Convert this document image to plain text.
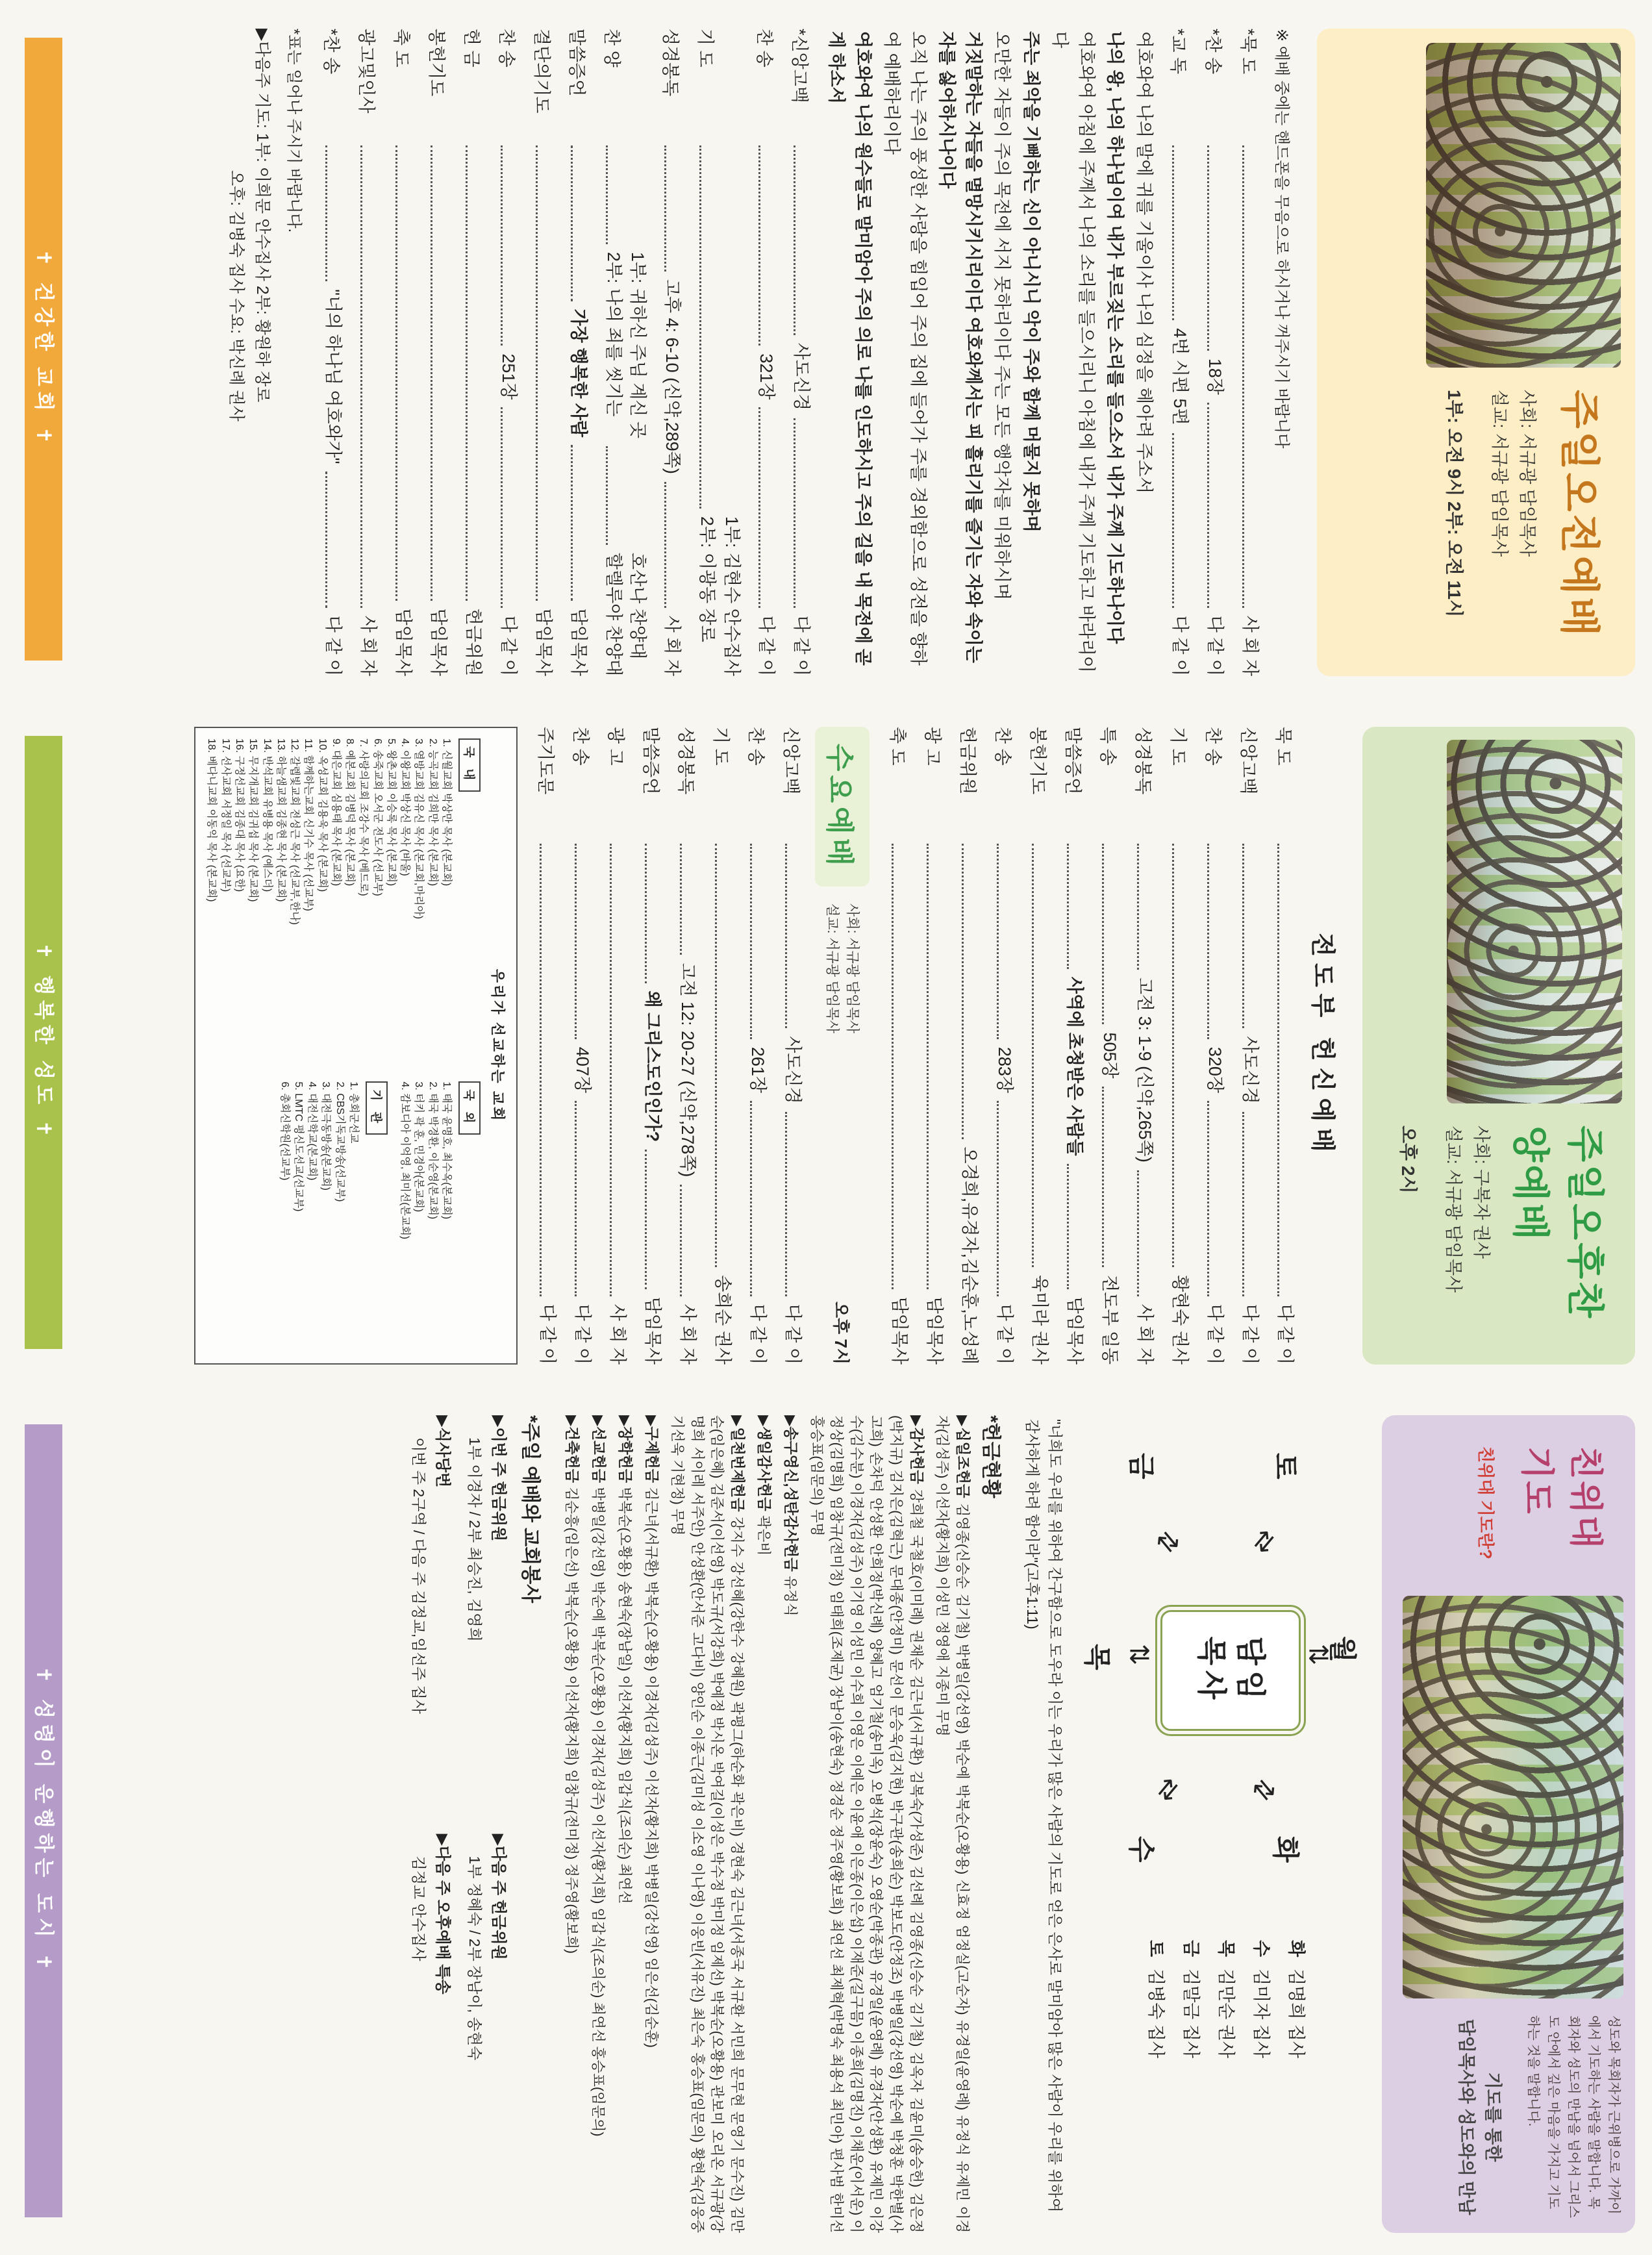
주일오전예배
사회: 서규광 담임목사
설교: 서규광 담임목사
1부: 오전 9시 2부: 오전 11시
※ 예배 중에는 핸드폰을 무음으로 하시거나 꺼주시기 바랍니다
*묵 도
사 회 자
*찬 송
18장
다 같 이
*교 독
4번 시편 5편
다 같 이
여호와여 나의 말에 귀를 기울이사 나의 심정을 헤아려 주소서
나의 왕, 나의 하나님이여 내가 부르짖는 소리를 들으소서 내가 주께 기도하나이다
여호와여 아침에 주께서 나의 소리를 들으시리니 아침에 내가 주께 기도하고 바라리이다
주는 죄악을 기뻐하는 신이 아니시니 악이 주와 함께 머물지 못하며
오만한 자들이 주의 목전에 서지 못하리이다 주는 모든 행악자를 미워하시며
거짓말하는 자들을 멸망시키시리이다 여호와께서는 피 흘리기를 즐기는 자와 속이는 자를 싫어하시나이다
오직 나는 주의 풍성한 사랑을 힘입어 주의 집에 들어가 주를 경외함으로 성전을 향하여 예배하리이다
여호와여 나의 원수들로 말미암아 주의 의로 나를 인도하시고 주의 길을 내 목전에 곧게 하소서
*신앙고백
사도신경
다 같 이
찬 송
321장
다 같 이
기 도
1부: 김현수 안수집사
2부: 이광동 장로
성경봉독
고후 4: 6-10 (신약,289쪽)
사 회 자
찬 양
1부: 귀하신 주님 계신 곳
2부: 나의 죄를 씻기는
호산나 찬양대
할렐루야 찬양대
말씀증언
가장 행복한 사람
담임목사
결단의기도
담임목사
찬 송
251장
다 같 이
헌 금
헌금위원
봉헌기도
담임목사
축 도
담임목사
광고및인사
사 회 자
*찬 송
"너의 하나님 여호와가"
다 같 이
*표는 일어나 주시기 바랍니다.
▶다음주 기도: 1부: 이희문 안수집사 2부: 황원하 장로
오후: 김병숙 집사 수요: 박신례 권사
✝ 건강한 교회 ✝
주일오후찬양예배
사회: 구복자 권사
설교: 서규광 담임목사
오후 2시
전도부 헌신예배
묵 도
다 같 이
신앙고백
사도신경
다 같 이
찬 송
320장
다 같 이
기 도
황현숙 권사
성경봉독
고전 3: 1-9 (신약,265쪽)
사 회 자
특 송
505장
전도부 일동
말씀증언
사역에 초청받은 사람들
담임목사
봉헌기도
육미라 권사
찬 송
283장
다 같 이
헌금위원
오경희,유경자,김순훈,노성례
광 고
담임목사
축 도
담임목사
수요예배
사회: 서규광 담임목사
설교: 서규광 담임목사
오후 7시
신앙고백
사도신경
다 같 이
찬 송
261장
다 같 이
기 도
송희순 권사
성경봉독
고전 12: 20-27 (신약,278쪽)
사 회 자
말씀증언
왜 그리스도인인가?
담임목사
광 고
사 회 자
찬 송
407장
다 같 이
주기도문
다 같 이
우리가 선교하는 교회
국 내
1. 신월교회 박상만 목사 (본교회)
2. 능곡교회 김희만 목사 (본교회)
3. 열방교회 김유신 목사 (본교회,마리아)
4. 이왕교회 박상신 목사 (바울)
5. 왕촌교회 이승록 목사 (본교회)
6. 송죽교회 오서군 전도사 (선교부)
7. 사랑의교회 조강수 목사 (베드로)
8. 예본교회 김병덕 목사 (본교회)
9. 대은교회 심용태 목사 (본교회)
10. 옥성교회 김용욱 목사 (본교회)
11. 함께하는교회 신기수 목사 (선교부)
12. 갈렙빛교회 전성근 목사 (선교부,한나)
13. 하늘샘교회 김종현 목사 (본교회)
14. 반석교회 유병용 목사 (예스더)
15. 무지개교회 김귀섭 목사 (본교회)
16. 구정선교회 김종대 목사 (요한)
17. 선사교회 서정일 목사 (선교부)
18. 베다니교회 이동익 목사 (본교회)
국 외
1. 태국 윤명호, 최수옥(본교회)
2. 태국 박경환, 이순영(본교회)
3. 터키 곽 훈, 민경아(본교회)
4. 캄보디아 이억영, 최미선(본교회)
기 관
1. 총회군선교
2. CBS기독교방송(선교부)
3. 대전극동방송(본교회)
4. 대전신학교(본교회)
5. LMTC 평신도선교(선교부)
6. 총회신학원(선교부)
✝ 행복한 성도 ✝
친위대 기도
친위대 기도란?
성도와 목회자가 근위병으로 가까이에서 기도하는 사람을 말합니다. 목회자와 성도의 만남을 넘어서 그리스도 안에서 깊은 마음을 가지고 기도하는 것을 말합니다.
기도를 통한
담임목사와 성도와의 만남
담임
목사	월
화
수
목
금	토
⇄
⇄
⇄
⇄
⇄ ⇄
화김명희 집사
수김미자 집사
목김만순 권사
금김말금 집사
토김병숙 집사
"너희도 우리를 위하여 간구함으로 도우라 이는 우리가 많은 사람의 기도로 얻은 은사로 말미암아 많은 사람이 우리를 위하여 감사하게 하려 함이라"(고후1:11)
*헌금현황
▶십일조헌금 김영종(신승순 김기철) 박병일(강선영) 박순예 박복순(오황용) 신효정 엄정실(고순자) 유경일(윤영례) 유정식 유제민 이경자(김성주) 이선자(황지희) 이성민 정영애 지종미 무명
▶감사헌금 강희철 국철호(이미례) 권채순 김근녀(서규환) 김복숙(가성준) 김선례 김영종(신승순 김기철) 김옥자 김윤미(송승헌) 김은정(박지규) 김지은(김혁근) 문대종(안정미) 문선이 문승욱(김지현) 박구관(송희순) 박보도(안정조) 박병일(강선영) 박순예 박청훈 박한별(사고희) 손차덕 안성환 안희정(박신례) 양혜고 엄기철(송미옥) 오병석(장윤숙) 오영순(박종관) 유경일(윤영례) 유경자(안성환) 유제민 이강수(김수분) 이경자(김성주) 이기영 이성민 이수희 이영은 이예은 이윤애 이은종(이은섭) 이재준(길구믐) 이종희(김명진) 이채운(이서운) 이정상(김명희) 임창규(전미정) 임태희(조제균) 장남이(송현숙) 정경순 정주영(황보희) 최연선 최제혁(박명숙 최용석 최민아) 편사범 한미선 홍승표(임문의) 무명
▶송구영신,성탄감사헌금 유정식
▶생일감사헌금 곽은비
▶일천번제헌금 강지수 강선혜(강한수 강혜원) 곽평그(하순화 곽은비) 경현숙 김근녀(서종국 서규환 서민희 문무현 문영기 문수진) 김만순(임은혜) 김준서(이선영) 박도규(서강희) 박예정 박시온 박여길(이성은 박수정 박미정 임제선) 박복순(오황용) 관보미 오리온 서규광(강명희 서이레 서주안) 안성환(안서준 고다비) 양인순 이종근(김미성 이소영 이나영) 이웅빈(서유진) 최은숙 홍승표(임문의) 황현숙(김웅중 기선욱 기현정) 무명
▶구제헌금 김근녀(서규환) 박복순(오황용) 이경자(김성주) 이선자(황지희) 박병일(강선영) 임은선(김순훈)
▶장학헌금 박복순(오황용) 송현숙(장남일) 이선자(황지희) 임갑식(조의순) 최연선
▶선교헌금 박병일(강선영) 박순예 박복순(오황용) 이경자(김성주) 이선자(황지희) 임갑식(조의순) 최연선 홍승표(임문의)
▶건축헌금 김순흥(임은선) 박복순(오황용) 이선자(황지희) 임창규(전미정) 정주영(황보희)
*주일 예배와 교회봉사
▶이번 주 헌금위원
1부 이경자 / 2부 최승진, 김영희
▶다음 주 헌금위원
1부 정혜숙 / 2부 장남이, 송현숙
▶식사당번
이번 주 2구역 / 다음 주 김정교,임선주 집사
▶다음 주 오후예배 특송
김정교 안수집사
✝ 성령이 운행하는 도시 ✝
